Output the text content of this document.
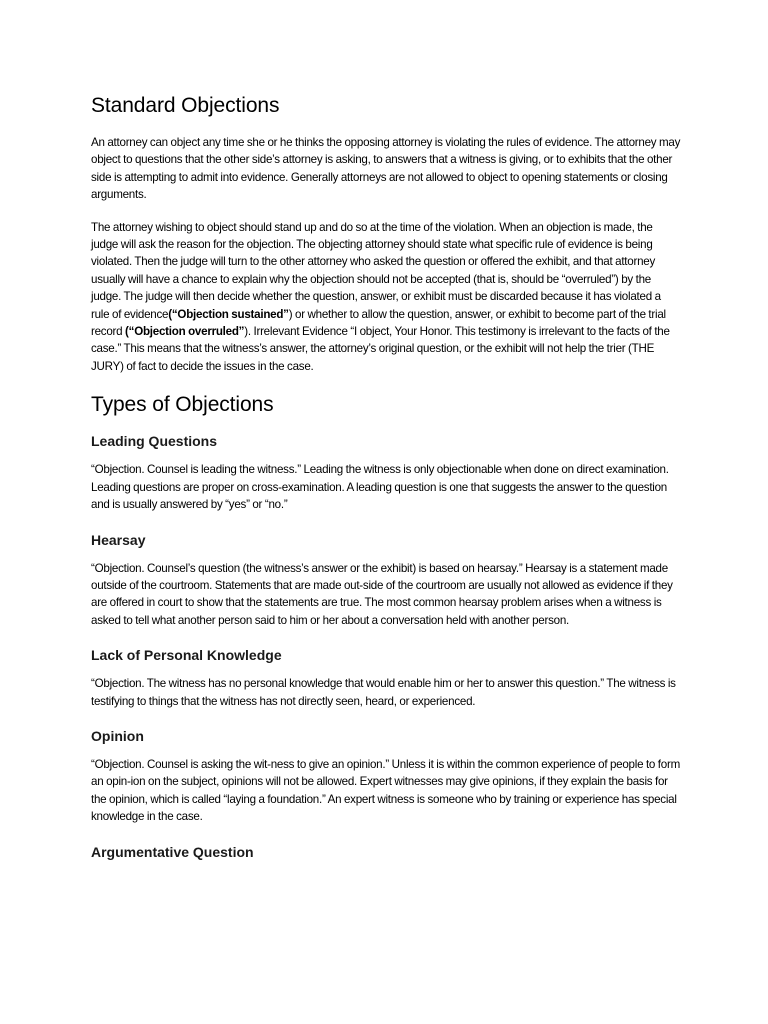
Standard Objections

An attorney can object any time she or he thinks the opposing attorney is violating the rules of evidence. The attorney may object to questions that the other side’s attorney is asking, to answers that a witness is giving, or to exhibits that the other side is attempting to admit into evidence. Generally attorneys are not allowed to object to opening statements or closing arguments.

The attorney wishing to object should stand up and do so at the time of the violation. When an objection is made, the judge will ask the reason for the objection. The objecting attorney should state what specific rule of evidence is being violated. Then the judge will turn to the other attorney who asked the question or offered the exhibit, and that attorney usually will have a chance to explain why the objection should not be accepted (that is, should be “overruled”) by the judge. The judge will then decide whether the question, answer, or exhibit must be discarded because it has violated a rule of evidence(“Objection sustained”) or whether to allow the question, answer, or exhibit to become part of the trial record (“Objection overruled”). Irrelevant Evidence “I object, Your Honor. This testimony is irrelevant to the facts of the case.” This means that the witness’s answer, the attorney’s original question, or the exhibit will not help the trier (THE JURY) of fact to decide the issues in the case.

Types of Objections
Leading Questions

“Objection. Counsel is leading the witness.” Leading the witness is only objectionable when done on direct examination. Leading questions are proper on cross-examination. A leading question is one that suggests the answer to the question and is usually answered by “yes” or “no.”

Hearsay

“Objection. Counsel’s question (the witness’s answer or the exhibit) is based on hearsay.” Hearsay is a statement made outside of the courtroom. Statements that are made out-side of the courtroom are usually not allowed as evidence if they are offered in court to show that the statements are true. The most common hearsay problem arises when a witness is asked to tell what another person said to him or her about a conversation held with another person.

Lack of Personal Knowledge

“Objection. The witness has no personal knowledge that would enable him or her to answer this question.” The witness is testifying to things that the witness has not directly seen, heard, or experienced.

Opinion

“Objection. Counsel is asking the wit-ness to give an opinion.” Unless it is within the common experience of people to form an opin-ion on the subject, opinions will not be allowed. Expert witnesses may give opinions, if they explain the basis for the opinion, which is called “laying a foundation.” An expert witness is someone who by training or experience has special knowledge in the case.

Argumentative Question
